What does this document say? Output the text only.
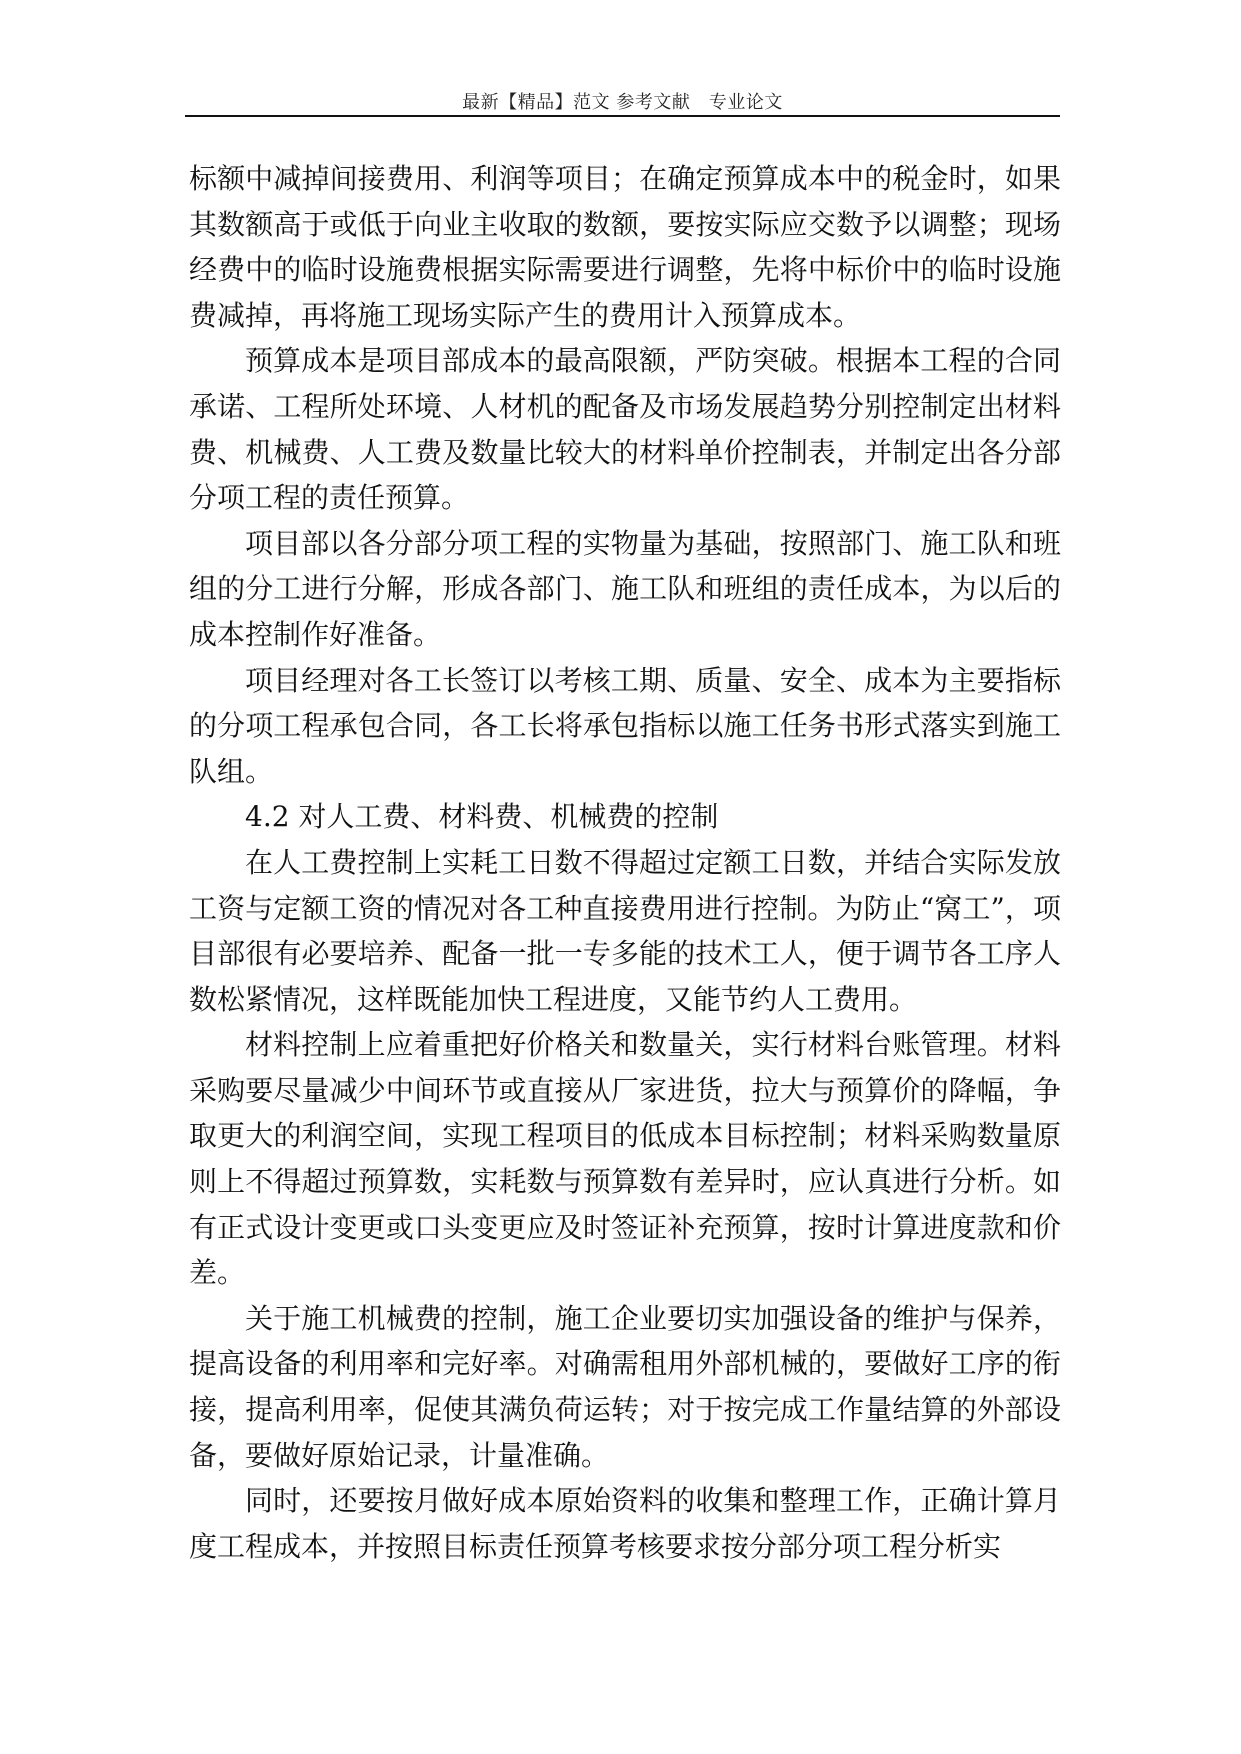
最新【精品】范文 参考文献　专业论文

标额中减掉间接费用、利润等项目；在确定预算成本中的税金时，如果其数额高于或低于向业主收取的数额，要按实际应交数予以调整；现场经费中的临时设施费根据实际需要进行调整，先将中标价中的临时设施费减掉，再将施工现场实际产生的费用计入预算成本。

预算成本是项目部成本的最高限额，严防突破。根据本工程的合同承诺、工程所处环境、人材机的配备及市场发展趋势分别控制定出材料费、机械费、人工费及数量比较大的材料单价控制表，并制定出各分部分项工程的责任预算。

项目部以各分部分项工程的实物量为基础，按照部门、施工队和班组的分工进行分解，形成各部门、施工队和班组的责任成本，为以后的成本控制作好准备。

项目经理对各工长签订以考核工期、质量、安全、成本为主要指标的分项工程承包合同，各工长将承包指标以施工任务书形式落实到施工队组。

4.2 对人工费、材料费、机械费的控制

在人工费控制上实耗工日数不得超过定额工日数，并结合实际发放工资与定额工资的情况对各工种直接费用进行控制。为防止“窝工”，项目部很有必要培养、配备一批一专多能的技术工人，便于调节各工序人数松紧情况，这样既能加快工程进度，又能节约人工费用。

材料控制上应着重把好价格关和数量关，实行材料台账管理。材料采购要尽量减少中间环节或直接从厂家进货，拉大与预算价的降幅，争取更大的利润空间，实现工程项目的低成本目标控制；材料采购数量原则上不得超过预算数，实耗数与预算数有差异时，应认真进行分析。如有正式设计变更或口头变更应及时签证补充预算，按时计算进度款和价差。

关于施工机械费的控制，施工企业要切实加强设备的维护与保养，提高设备的利用率和完好率。对确需租用外部机械的，要做好工序的衔接，提高利用率，促使其满负荷运转；对于按完成工作量结算的外部设备，要做好原始记录，计量准确。

同时，还要按月做好成本原始资料的收集和整理工作，正确计算月度工程成本，并按照目标责任预算考核要求按分部分项工程分析实
